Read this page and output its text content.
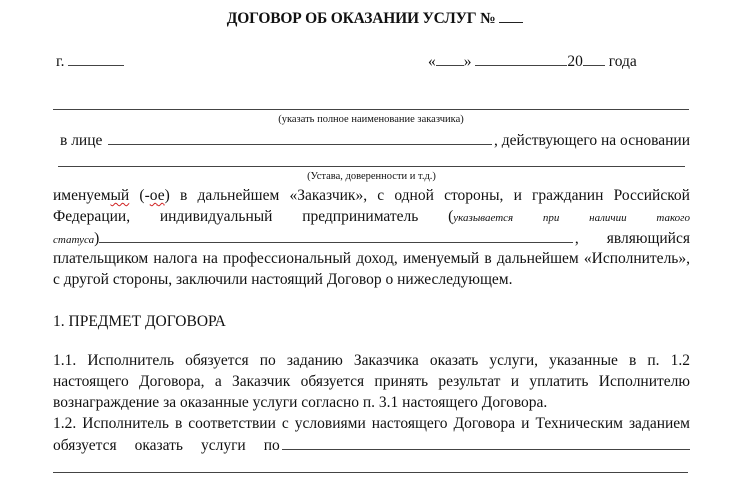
ДОГОВОР ОБ ОКАЗАНИИ УСЛУГ №
г.	« »	20 года
(указать полное наименование заказчика)
в лице	, действующего на основании
(Устава, доверенности и т.д.)
именуемый (-ое) в дальнейшем «Заказчик», с одной стороны, и гражданин Российской
Федерации, индивидуальный предприниматель (указывается	при	наличии	такого
статуса)	, являющийся
плательщиком налога на профессиональный доход, именуемый в дальнейшем «Исполнитель»,
с другой стороны, заключили настоящий Договор о нижеследующем.
1. ПРЕДМЕТ ДОГОВОРА
1.1. Исполнитель обязуется по заданию Заказчика оказать услуги, указанные в п. 1.2
настоящего Договора, а Заказчик обязуется принять результат и уплатить Исполнителю
вознаграждение за оказанные услуги согласно п. 3.1 настоящего Договора.
1.2. Исполнитель в соответствии с условиями настоящего Договора и Техническим заданием
обязуется оказать услуги по
